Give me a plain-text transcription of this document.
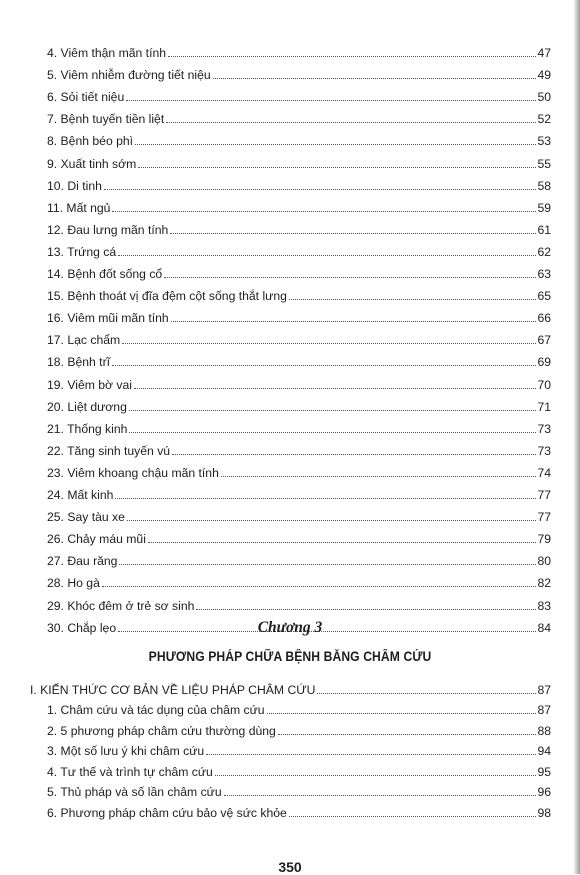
4. Viêm thận mãn tính	47
5. Viêm nhiễm đường tiết niệu	49
6. Sỏi tiết niệu	50
7. Bệnh tuyến tiền liệt	52
8. Bệnh béo phì	53
9. Xuất tinh sớm	55
10. Di tinh	58
11. Mất ngủ	59
12. Đau lưng mãn tính	61
13. Trứng cá	62
14. Bệnh đốt sống cổ	63
15. Bệnh thoát vị đĩa đệm cột sống thắt lưng	65
16. Viêm mũi mãn tính	66
17. Lạc chẩm	67
18. Bệnh trĩ	69
19. Viêm bờ vai	70
20. Liệt dương	71
21. Thống kinh	73
22. Tăng sinh tuyến vú	73
23. Viêm khoang chậu mãn tính	74
24. Mất kinh	77
25. Say tàu xe	77
26. Chảy máu mũi	79
27. Đau răng	80
28. Ho gà	82
29. Khóc đêm ở trẻ sơ sinh	83
30. Chắp lẹo	84
Chương 3
PHƯƠNG PHÁP CHỮA BỆNH BẰNG CHÂM CỨU
I. KIẾN THỨC CƠ BẢN VỀ LIỆU PHÁP CHÂM CỨU	87
1. Châm cứu và tác dụng của châm cứu	87
2. 5 phương pháp châm cứu thường dùng	88
3. Một số lưu ý khi châm cứu	94
4. Tư thế và trình tự châm cứu	95
5. Thủ pháp và số lần châm cứu	96
6. Phương pháp châm cứu bảo vệ sức khỏe	98
350
